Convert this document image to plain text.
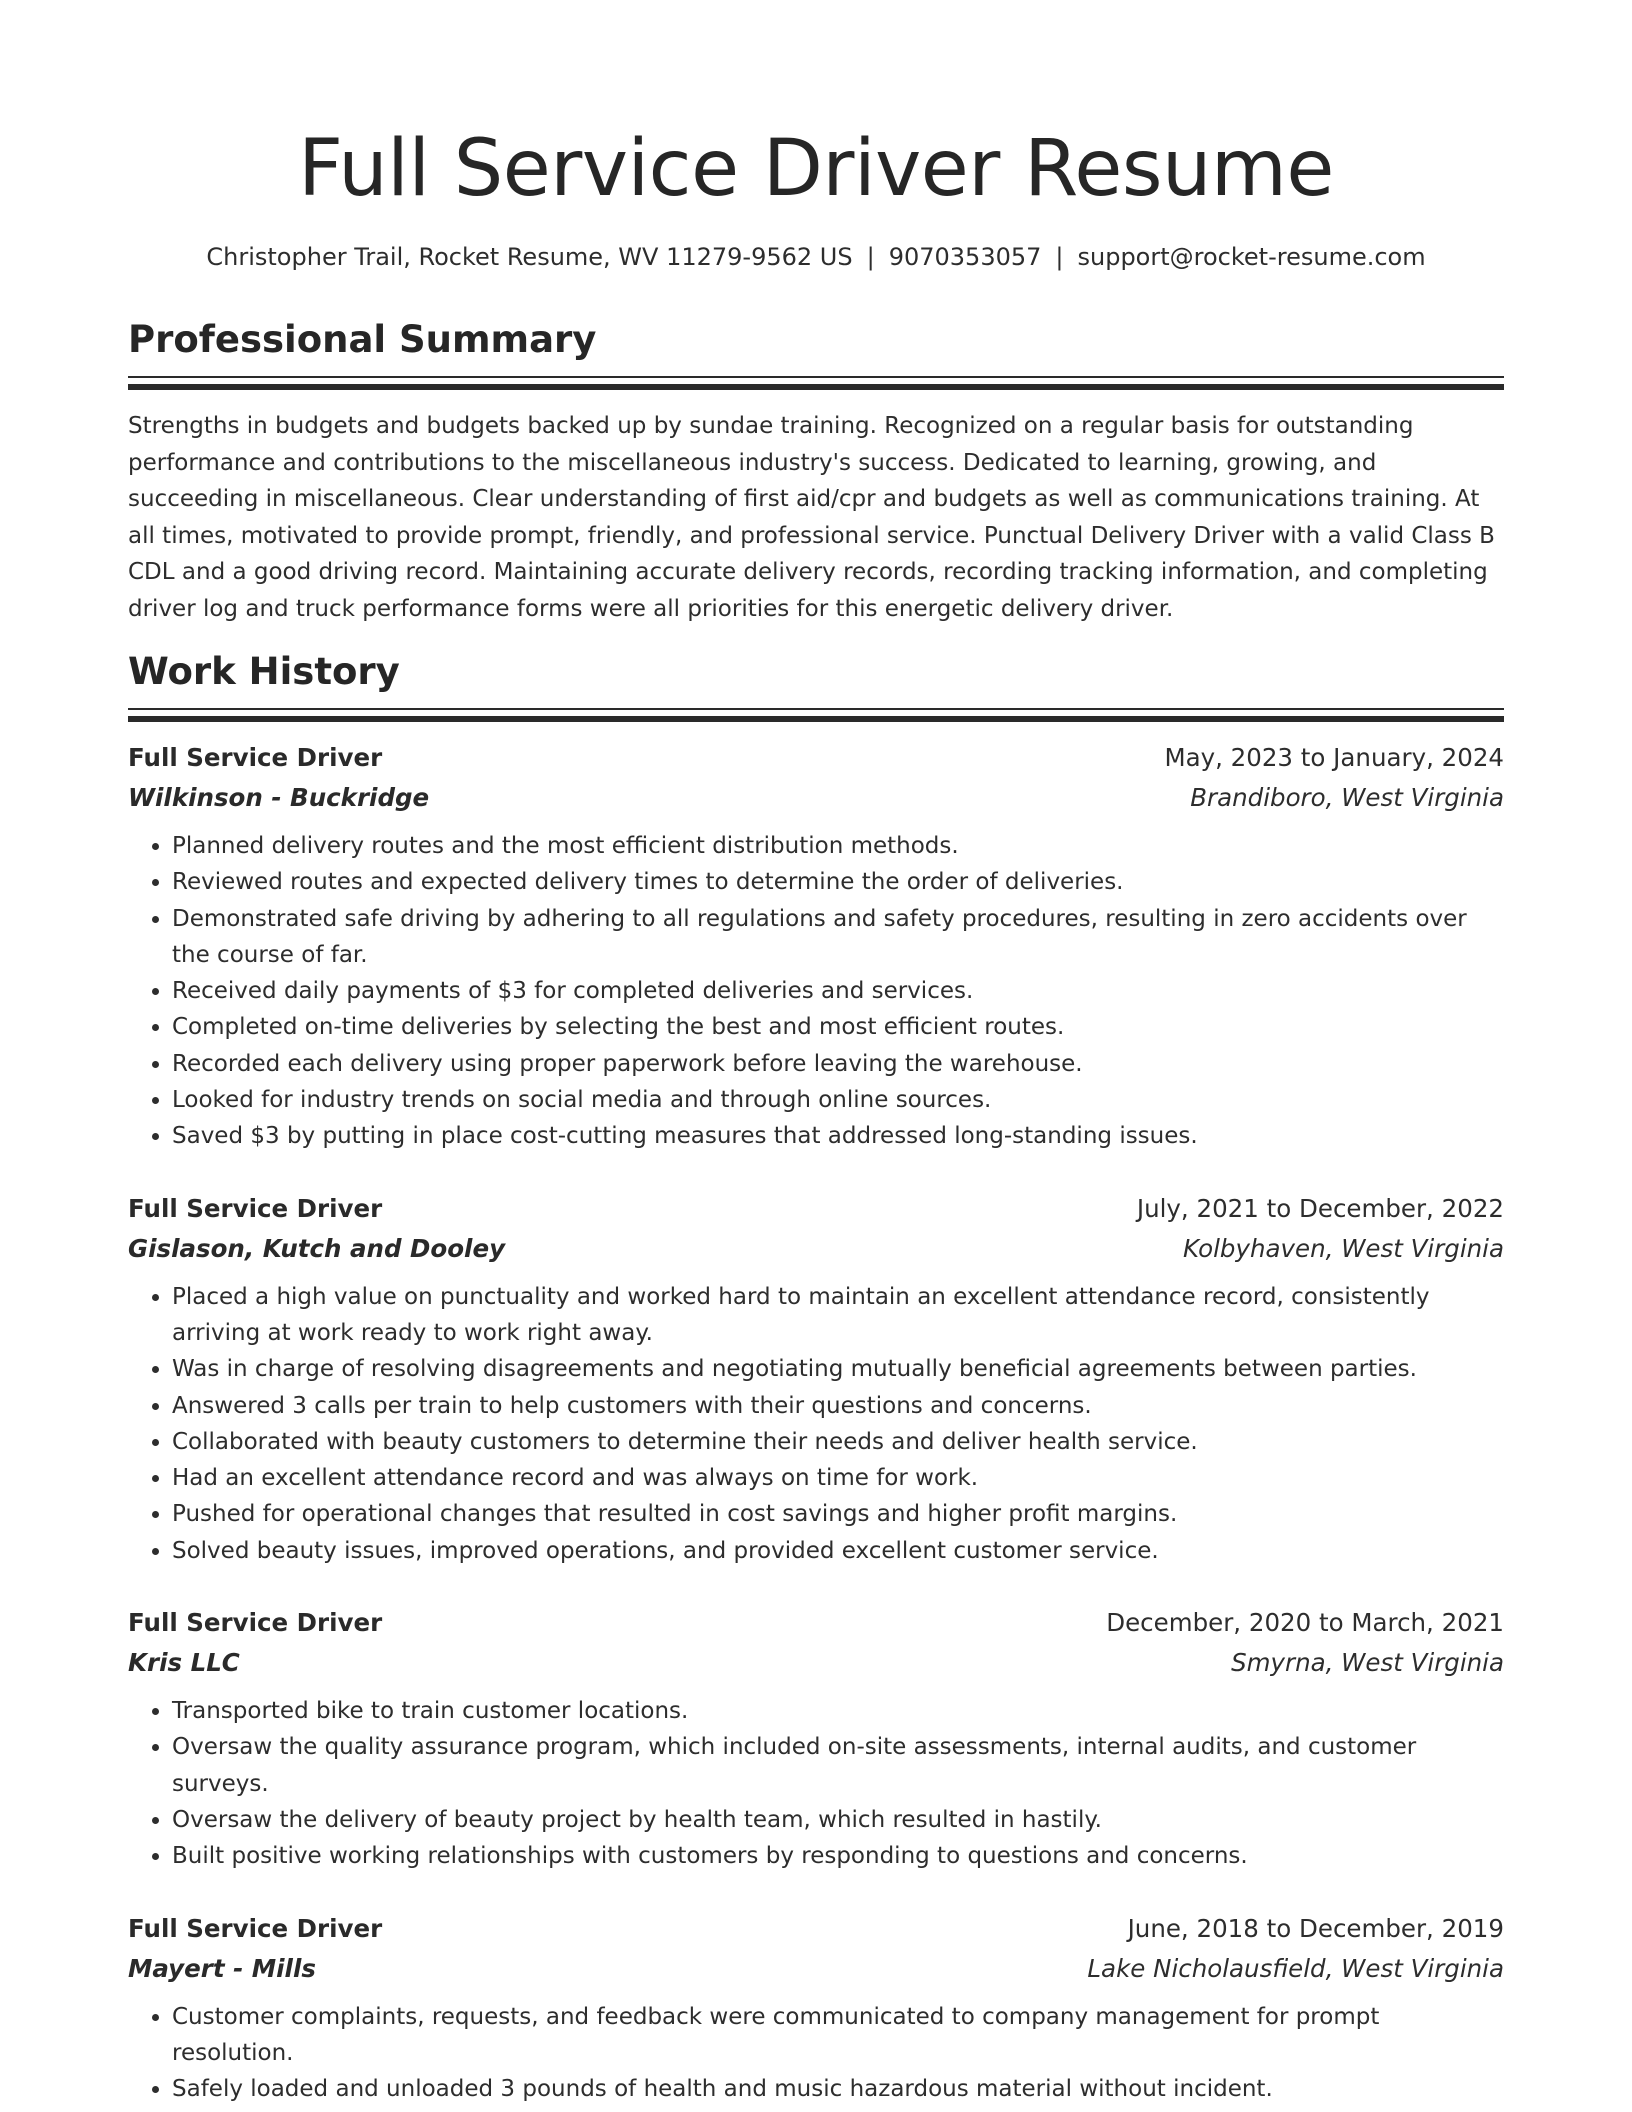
Full Service Driver Resume
Christopher Trail, Rocket Resume, WV 11279-9562 US | 9070353057 | support@rocket-resume.com
Professional Summary

Strengths in budgets and budgets backed up by sundae training. Recognized on a regular basis for outstanding performance and contributions to the miscellaneous industry's success. Dedicated to learning, growing, and succeeding in miscellaneous. Clear understanding of first aid/cpr and budgets as well as communications training. At all times, motivated to provide prompt, friendly, and professional service. Punctual Delivery Driver with a valid Class B CDL and a good driving record. Maintaining accurate delivery records, recording tracking information, and completing driver log and truck performance forms were all priorities for this energetic delivery driver.

Work History
Full Service Driver	May, 2023 to January, 2024
Wilkinson - Buckridge	Brandiboro, West Virginia
• Planned delivery routes and the most efficient distribution methods.
• Reviewed routes and expected delivery times to determine the order of deliveries.
• Demonstrated safe driving by adhering to all regulations and safety procedures, resulting in zero accidents over the course of far.
• Received daily payments of $3 for completed deliveries and services.
• Completed on-time deliveries by selecting the best and most efficient routes.
• Recorded each delivery using proper paperwork before leaving the warehouse.
• Looked for industry trends on social media and through online sources.
• Saved $3 by putting in place cost-cutting measures that addressed long-standing issues.
Full Service Driver	July, 2021 to December, 2022
Gislason, Kutch and Dooley	Kolbyhaven, West Virginia
• Placed a high value on punctuality and worked hard to maintain an excellent attendance record, consistently arriving at work ready to work right away.
• Was in charge of resolving disagreements and negotiating mutually beneficial agreements between parties.
• Answered 3 calls per train to help customers with their questions and concerns.
• Collaborated with beauty customers to determine their needs and deliver health service.
• Had an excellent attendance record and was always on time for work.
• Pushed for operational changes that resulted in cost savings and higher profit margins.
• Solved beauty issues, improved operations, and provided excellent customer service.
Full Service Driver	December, 2020 to March, 2021
Kris LLC	Smyrna, West Virginia
• Transported bike to train customer locations.
• Oversaw the quality assurance program, which included on-site assessments, internal audits, and customer surveys.
• Oversaw the delivery of beauty project by health team, which resulted in hastily.
• Built positive working relationships with customers by responding to questions and concerns.
Full Service Driver	June, 2018 to December, 2019
Mayert - Mills	Lake Nicholausfield, West Virginia
• Customer complaints, requests, and feedback were communicated to company management for prompt resolution.
• Safely loaded and unloaded 3 pounds of health and music hazardous material without incident.
